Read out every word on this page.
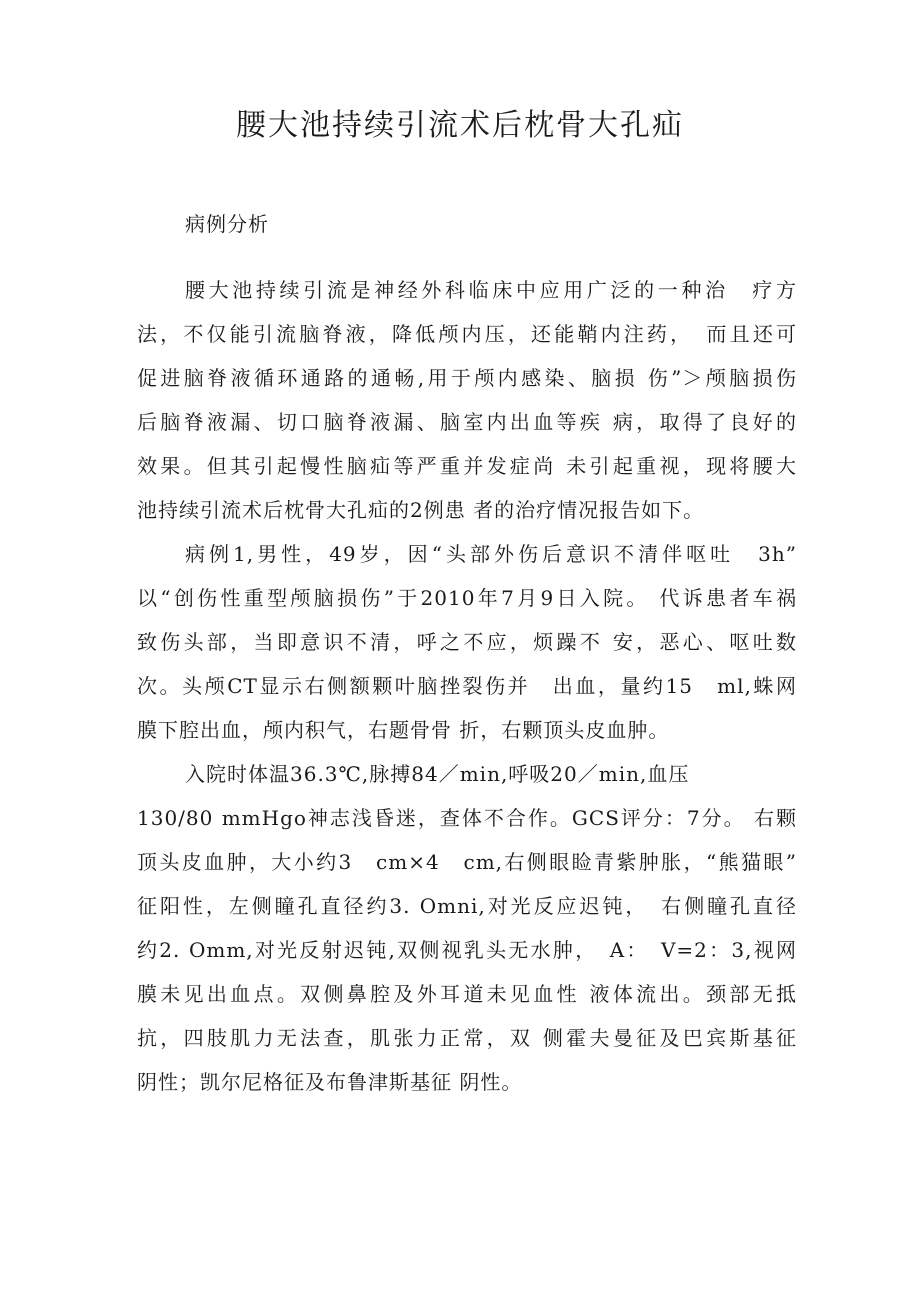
腰大池持续引流术后枕骨大孔疝
病例分析
腰大池持续引流是神经外科临床中应用广泛的一种治　疗方
法，不仅能引流脑脊液，降低颅内压，还能鞘内注药，　而且还可
促进脑脊液循环通路的通畅,用于颅内感染、脑损 伤”＞颅脑损伤
后脑脊液漏、切口脑脊液漏、脑室内出血等疾 病，取得了良好的
效果。但其引起慢性脑疝等严重并发症尚 未引起重视，现将腰大
池持续引流术后枕骨大孔疝的2例患 者的治疗情况报告如下。
病例1,男性，49岁，因“头部外伤后意识不清伴呕吐　3h”
以“创伤性重型颅脑损伤”于2010年7月9日入院。 代诉患者车祸
致伤头部，当即意识不清，呼之不应，烦躁不 安，恶心、呕吐数
次。头颅CT显示右侧额颗叶脑挫裂伤并　出血，量约15　ml,蛛网
膜下腔出血，颅内积气，右题骨骨 折，右颗顶头皮血肿。
入院时体温36.3℃,脉搏84／min,呼吸20／min,血压
130/80 mmHgo神志浅昏迷，查体不合作。GCS评分：7分。 右颗
顶头皮血肿，大小约3　cm×4　cm,右侧眼睑青紫肿胀，“熊猫眼”
征阳性，左侧瞳孔直径约3. Omni,对光反应迟钝，　右侧瞳孔直径
约2. Omm,对光反射迟钝,双侧视乳头无水肿，　A：　V=2：3,视网
膜未见出血点。双侧鼻腔及外耳道未见血性 液体流出。颈部无抵
抗，四肢肌力无法查，肌张力正常，双 侧霍夫曼征及巴宾斯基征
阴性；凯尔尼格征及布鲁津斯基征 阴性。
